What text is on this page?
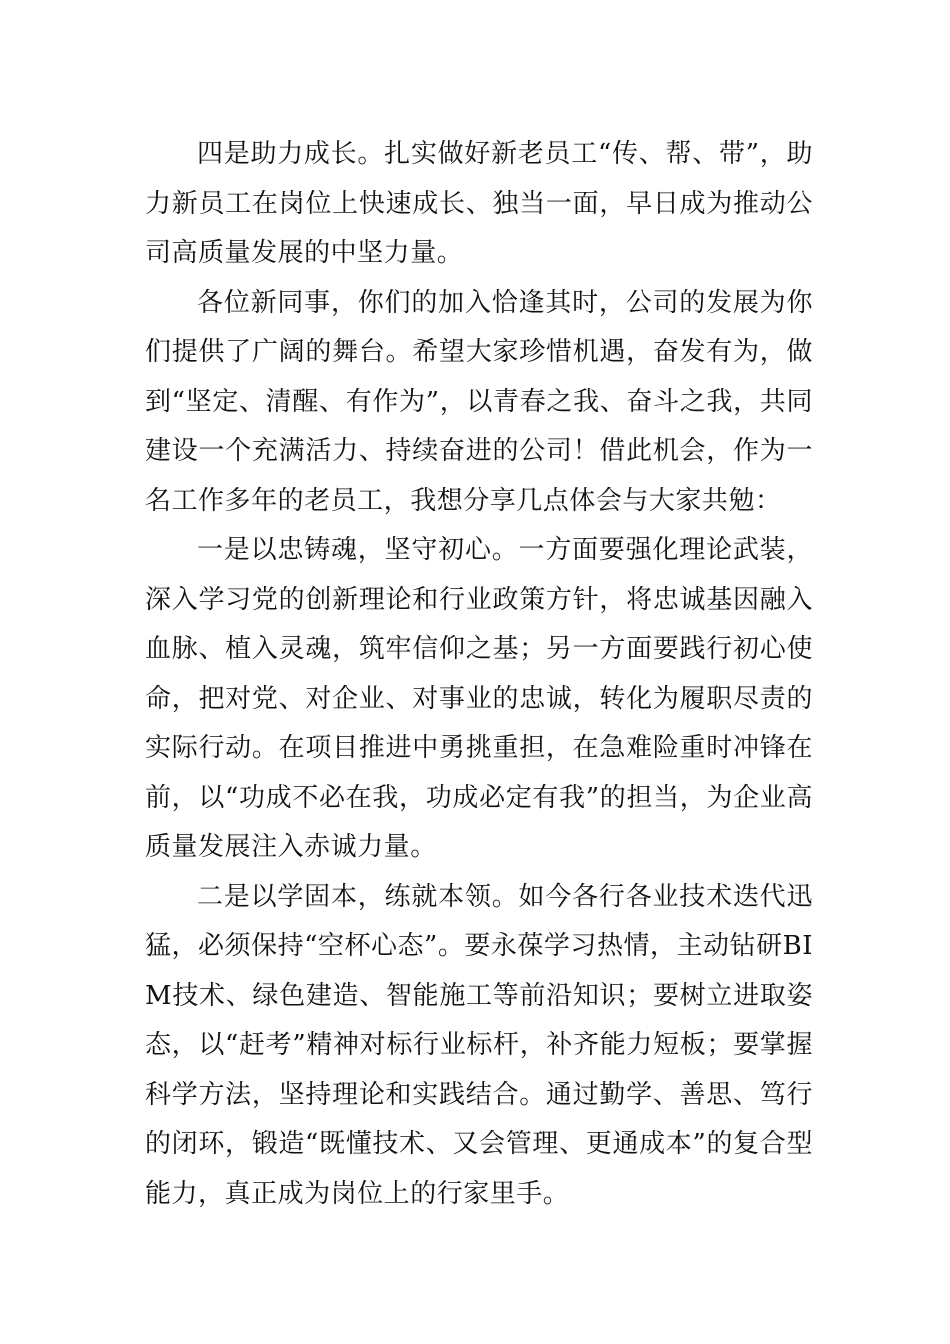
四是助力成长。扎实做好新老员工“传、帮、带”，助力新员工在岗位上快速成长、独当一面，早日成为推动公司高质量发展的中坚力量。

各位新同事，你们的加入恰逢其时，公司的发展为你们提供了广阔的舞台。希望大家珍惜机遇，奋发有为，做到“坚定、清醒、有作为”，以青春之我、奋斗之我，共同建设一个充满活力、持续奋进的公司！借此机会，作为一名工作多年的老员工，我想分享几点体会与大家共勉：

一是以忠铸魂，坚守初心。一方面要强化理论武装，深入学习党的创新理论和行业政策方针，将忠诚基因融入血脉、植入灵魂，筑牢信仰之基；另一方面要践行初心使命，把对党、对企业、对事业的忠诚，转化为履职尽责的实际行动。在项目推进中勇挑重担，在急难险重时冲锋在前，以“功成不必在我，功成必定有我”的担当，为企业高质量发展注入赤诚力量。

二是以学固本，练就本领。如今各行各业技术迭代迅猛，必须保持“空杯心态”。要永葆学习热情，主动钻研BIM技术、绿色建造、智能施工等前沿知识；要树立进取姿态，以“赶考”精神对标行业标杆，补齐能力短板；要掌握科学方法，坚持理论和实践结合。通过勤学、善思、笃行的闭环，锻造“既懂技术、又会管理、更通成本”的复合型能力，真正成为岗位上的行家里手。
